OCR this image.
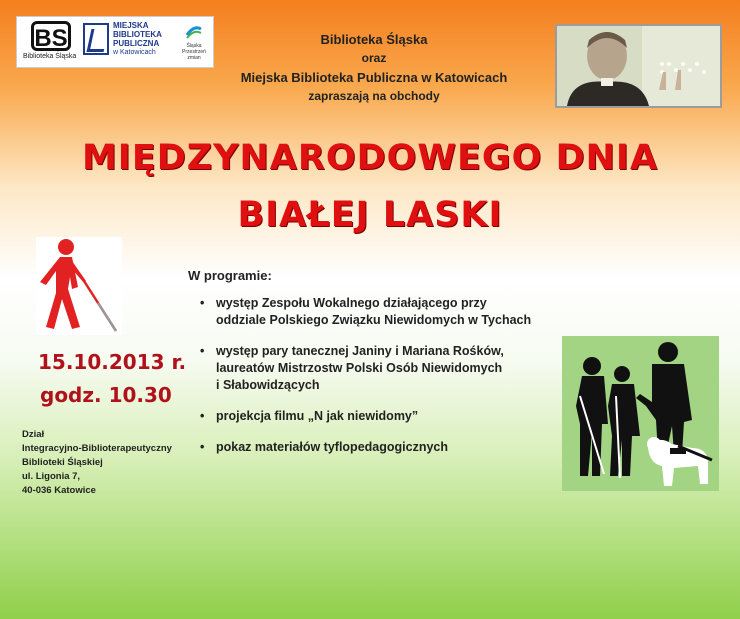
BS
Biblioteka Śląska
MIEJSKA
BIBLIOTEKA
PUBLICZNA
w Katowicach
Śląska
Przestrzeń zmian
Biblioteka Śląska
oraz
Miejska Biblioteka Publiczna w Katowicach
zapraszają na obchody
MIĘDZYNARODOWEGO DNIA
BIAŁEJ LASKI
W programie:
• występ Zespołu Wokalnego działającego przy
oddziale Polskiego Związku Niewidomych w Tychach
• występ pary tanecznej Janiny i Mariana Rośków,
laureatów Mistrzostw Polski Osób Niewidomych
i Słabowidzących
• projekcja filmu „N jak niewidomy”
• pokaz materiałów tyflopedagogicznych
15.10.2013 r.
godz. 10.30
Dział
Integracyjno-Biblioterapeutyczny
Biblioteki Śląskiej
ul. Ligonia 7,
40-036 Katowice
